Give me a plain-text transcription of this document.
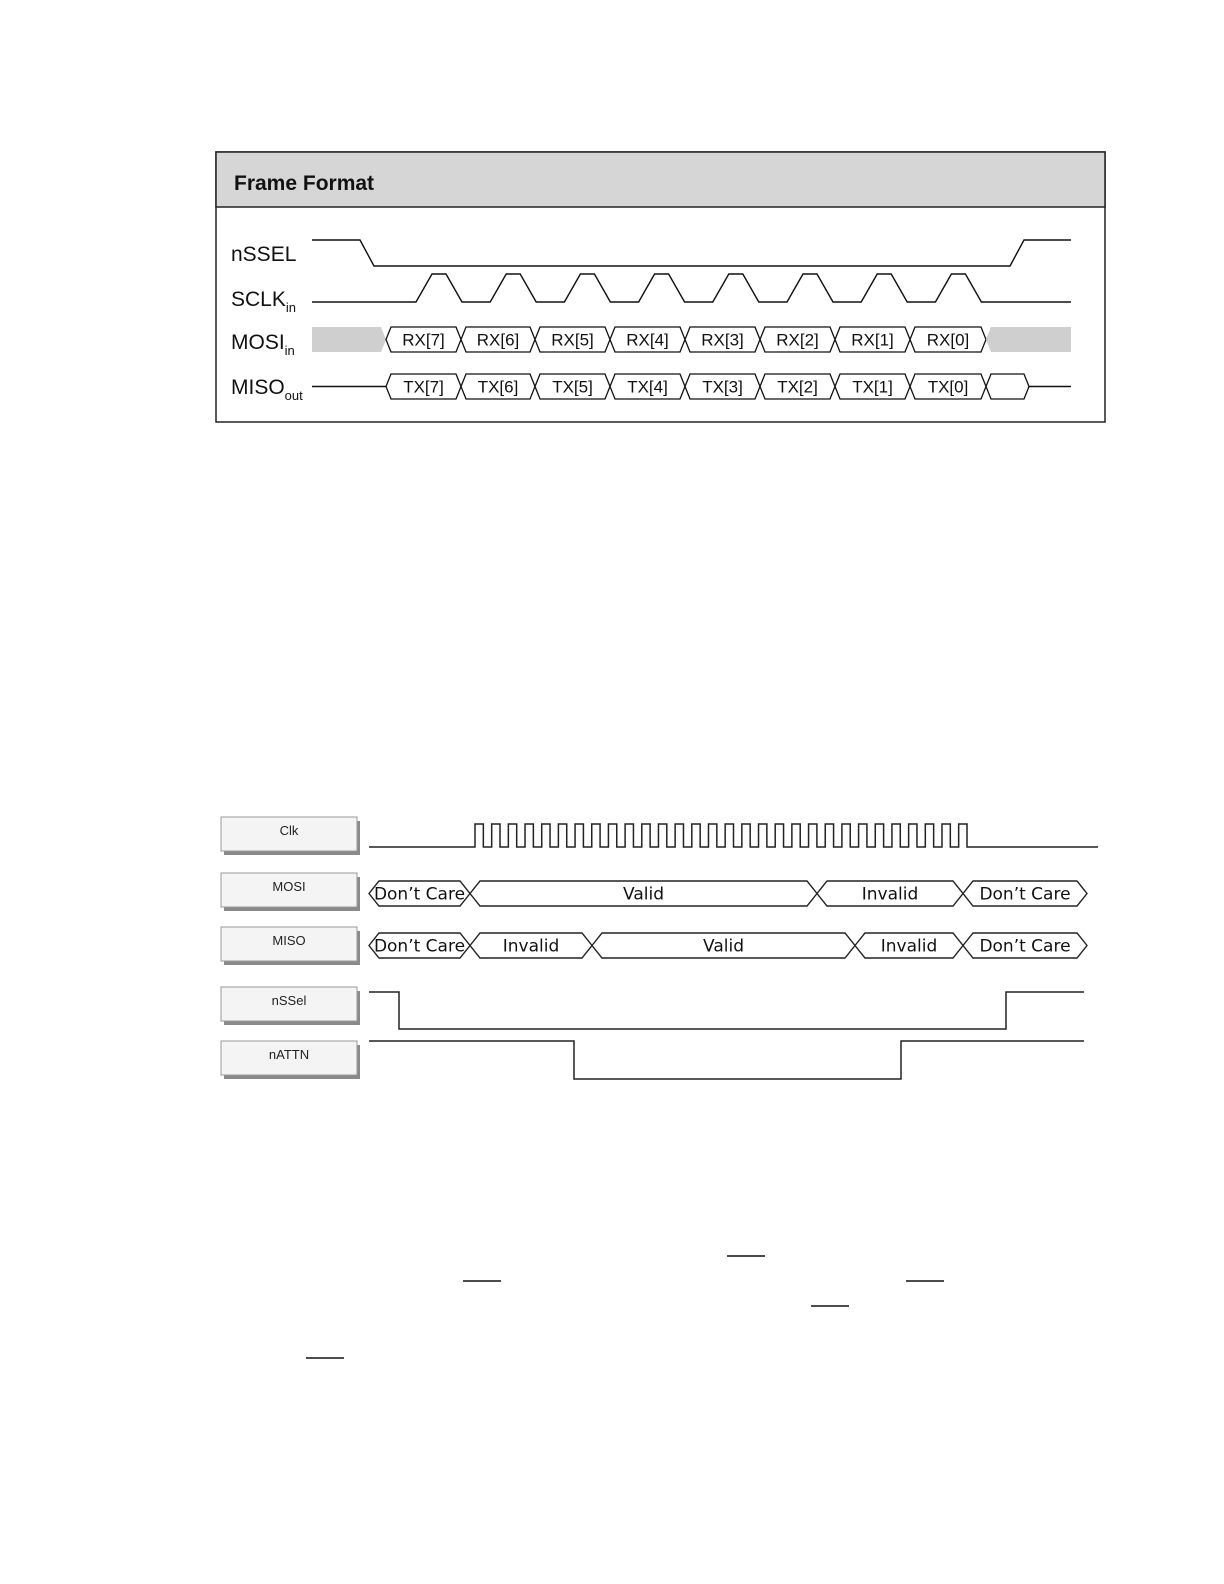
Frame Format
nSSEL
$SCLK_{in}$
$MOSI_{in}$
$MISO_{out}$
RX[7] RX[6] RX[5] RX[4] RX[3] RX[2] RX[1] RX[0]
TX[7] TX[6] TX[5] TX[4] TX[3] TX[2] TX[1] TX[0]
Clk
MOSI
MISO
nSSel
nATTN
Don’t Care	Valid	Invalid	Don’t Care
Don’t Care Invalid	Valid	Invalid Don’t Care
